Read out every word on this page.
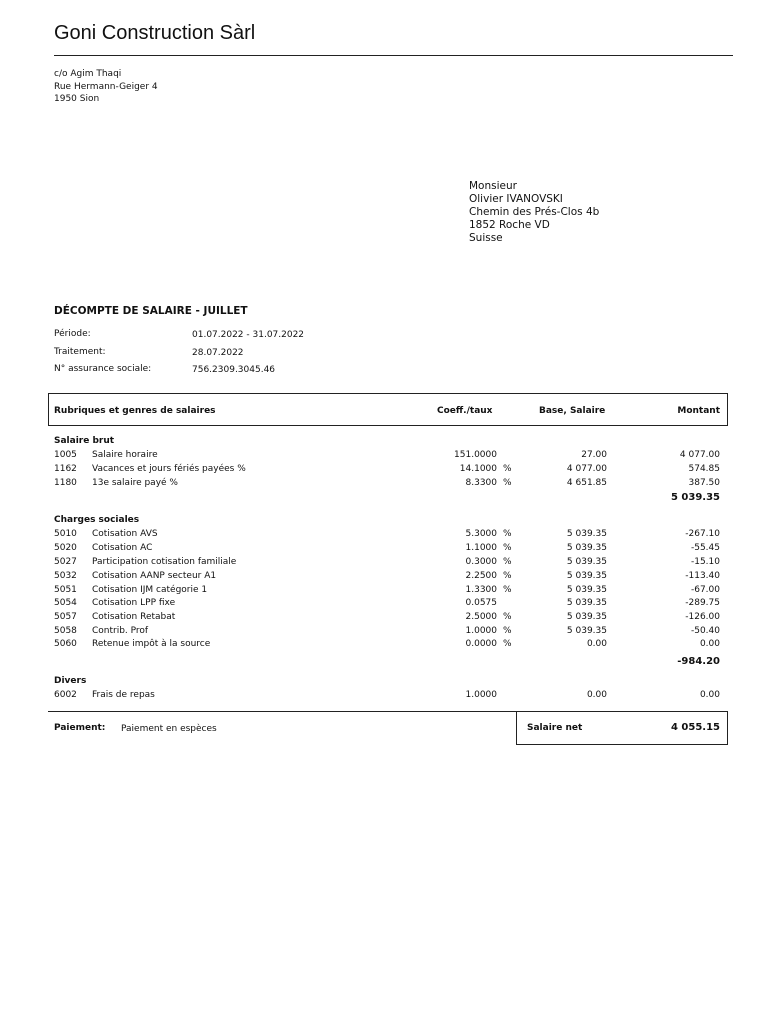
Goni Construction Sàrl
c/o Agim Thaqi
Rue Hermann-Geiger 4
1950 Sion
Monsieur
Olivier IVANOVSKI
Chemin des Prés-Clos 4b
1852 Roche VD
Suisse
DÉCOMPTE DE SALAIRE - JUILLET
Période:	01.07.2022 - 31.07.2022
Traitement:	28.07.2022
N° assurance sociale:	756.2309.3045.46
Rubriques et genres de salaires	Coeff./taux	Base, Salaire	Montant
Salaire brut
1005 Salaire horaire	151.0000	27.00	4 077.00
1162 Vacances et jours fériés payées %	14.1000 %	4 077.00	574.85
1180 13e salaire payé %	8.3300 %	4 651.85	387.50
5 039.35
Charges sociales
5010 Cotisation AVS	5.3000 %	5 039.35	-267.10
5020 Cotisation AC	1.1000 %	5 039.35	-55.45
5027 Participation cotisation familiale	0.3000 %	5 039.35	-15.10
5032 Cotisation AANP secteur A1	2.2500 %	5 039.35	-113.40
5051 Cotisation IJM catégorie 1	1.3300 %	5 039.35	-67.00
5054 Cotisation LPP fixe	0.0575	5 039.35	-289.75
5057 Cotisation Retabat	2.5000 %	5 039.35	-126.00
5058 Contrib. Prof	1.0000 %	5 039.35	-50.40
5060 Retenue impôt à la source	0.0000 %	0.00	0.00
-984.20
Divers
6002 Frais de repas	1.0000	0.00	0.00
Paiement: Paiement en espèces	Salaire net	4 055.15
